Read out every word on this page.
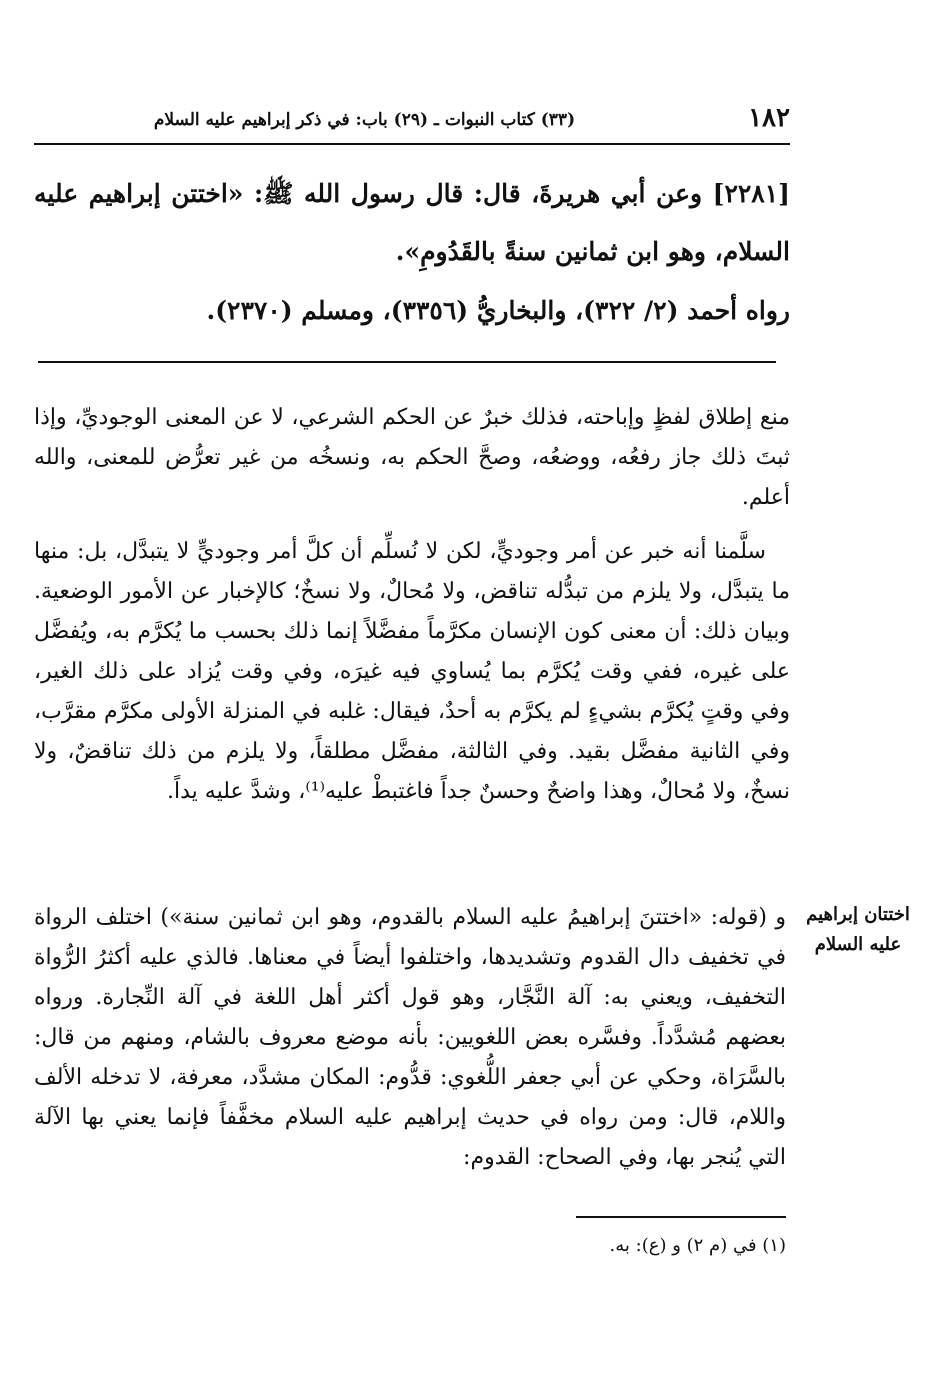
١٨٢
(٣٣) كتاب النبوات ـ (٢٩) باب: في ذكر إبراهيم عليه السلام

[٢٢٨١] وعن أبي هريرةَ، قال: قال رسول الله ﷺ: «اختتن إبراهيم عليه السلام، وهو ابن ثمانين سنةً بالقَدُومِ».

رواه أحمد (٢/ ٣٢٢)، والبخاريُّ (٣٣٥٦)، ومسلم (٢٣٧٠).

منع إطلاق لفظٍ وإباحته، فذلك خبرٌ عن الحكم الشرعي، لا عن المعنى الوجوديِّ، وإذا ثبتَ ذلك جاز رفعُه، ووضعُه، وصحَّ الحكم به، ونسخُه من غير تعرُّض للمعنى، والله أعلم.

سلَّمنا أنه خبر عن أمر وجوديٍّ، لكن لا نُسلِّم أن كلَّ أمر وجوديٍّ لا يتبدَّل، بل: منها ما يتبدَّل، ولا يلزم من تبدُّله تناقض، ولا مُحالٌ، ولا نسخٌ؛ كالإخبار عن الأمور الوضعية. وبيان ذلك: أن معنى كون الإنسان مكرَّماً مفضَّلاً إنما ذلك بحسب ما يُكرَّم به، ويُفضَّل على غيره، ففي وقت يُكرَّم بما يُساوي فيه غيرَه، وفي وقت يُزاد على ذلك الغير، وفي وقتٍ يُكرَّم بشيءٍ لم يكرَّم به أحدٌ، فيقال: غلبه في المنزلة الأولى مكرَّم مقرَّب، وفي الثانية مفضَّل بقيد. وفي الثالثة، مفضَّل مطلقاً، ولا يلزم من ذلك تناقضٌ، ولا نسخٌ، ولا مُحالٌ، وهذا واضحٌ وحسنٌ جداً فاغتبطْ عليه⁽¹⁾، وشدَّ عليه يداً.

اختتان إبراهيم عليه السلام

و (قوله: «اختتنَ إبراهيمُ عليه السلام بالقدوم، وهو ابن ثمانين سنة») اختلف الرواة في تخفيف دال القدوم وتشديدها، واختلفوا أيضاً في معناها. فالذي عليه أكثرُ الرُّواة التخفيف، ويعني به: آلة النَّجَّار، وهو قول أكثر أهل اللغة في آلة النِّجارة. ورواه بعضهم مُشدَّداً. وفسَّره بعض اللغويين: بأنه موضع معروف بالشام، ومنهم من قال: بالسَّرَاة، وحكي عن أبي جعفر اللُّغوي: قدُّوم: المكان مشدَّد، معرفة، لا تدخله الألف واللام، قال: ومن رواه في حديث إبراهيم عليه السلام مخفَّفاً فإنما يعني بها الآلة التي يُنجر بها، وفي الصحاح: القدوم:

(١) في (م ٢) و (ع): به.
